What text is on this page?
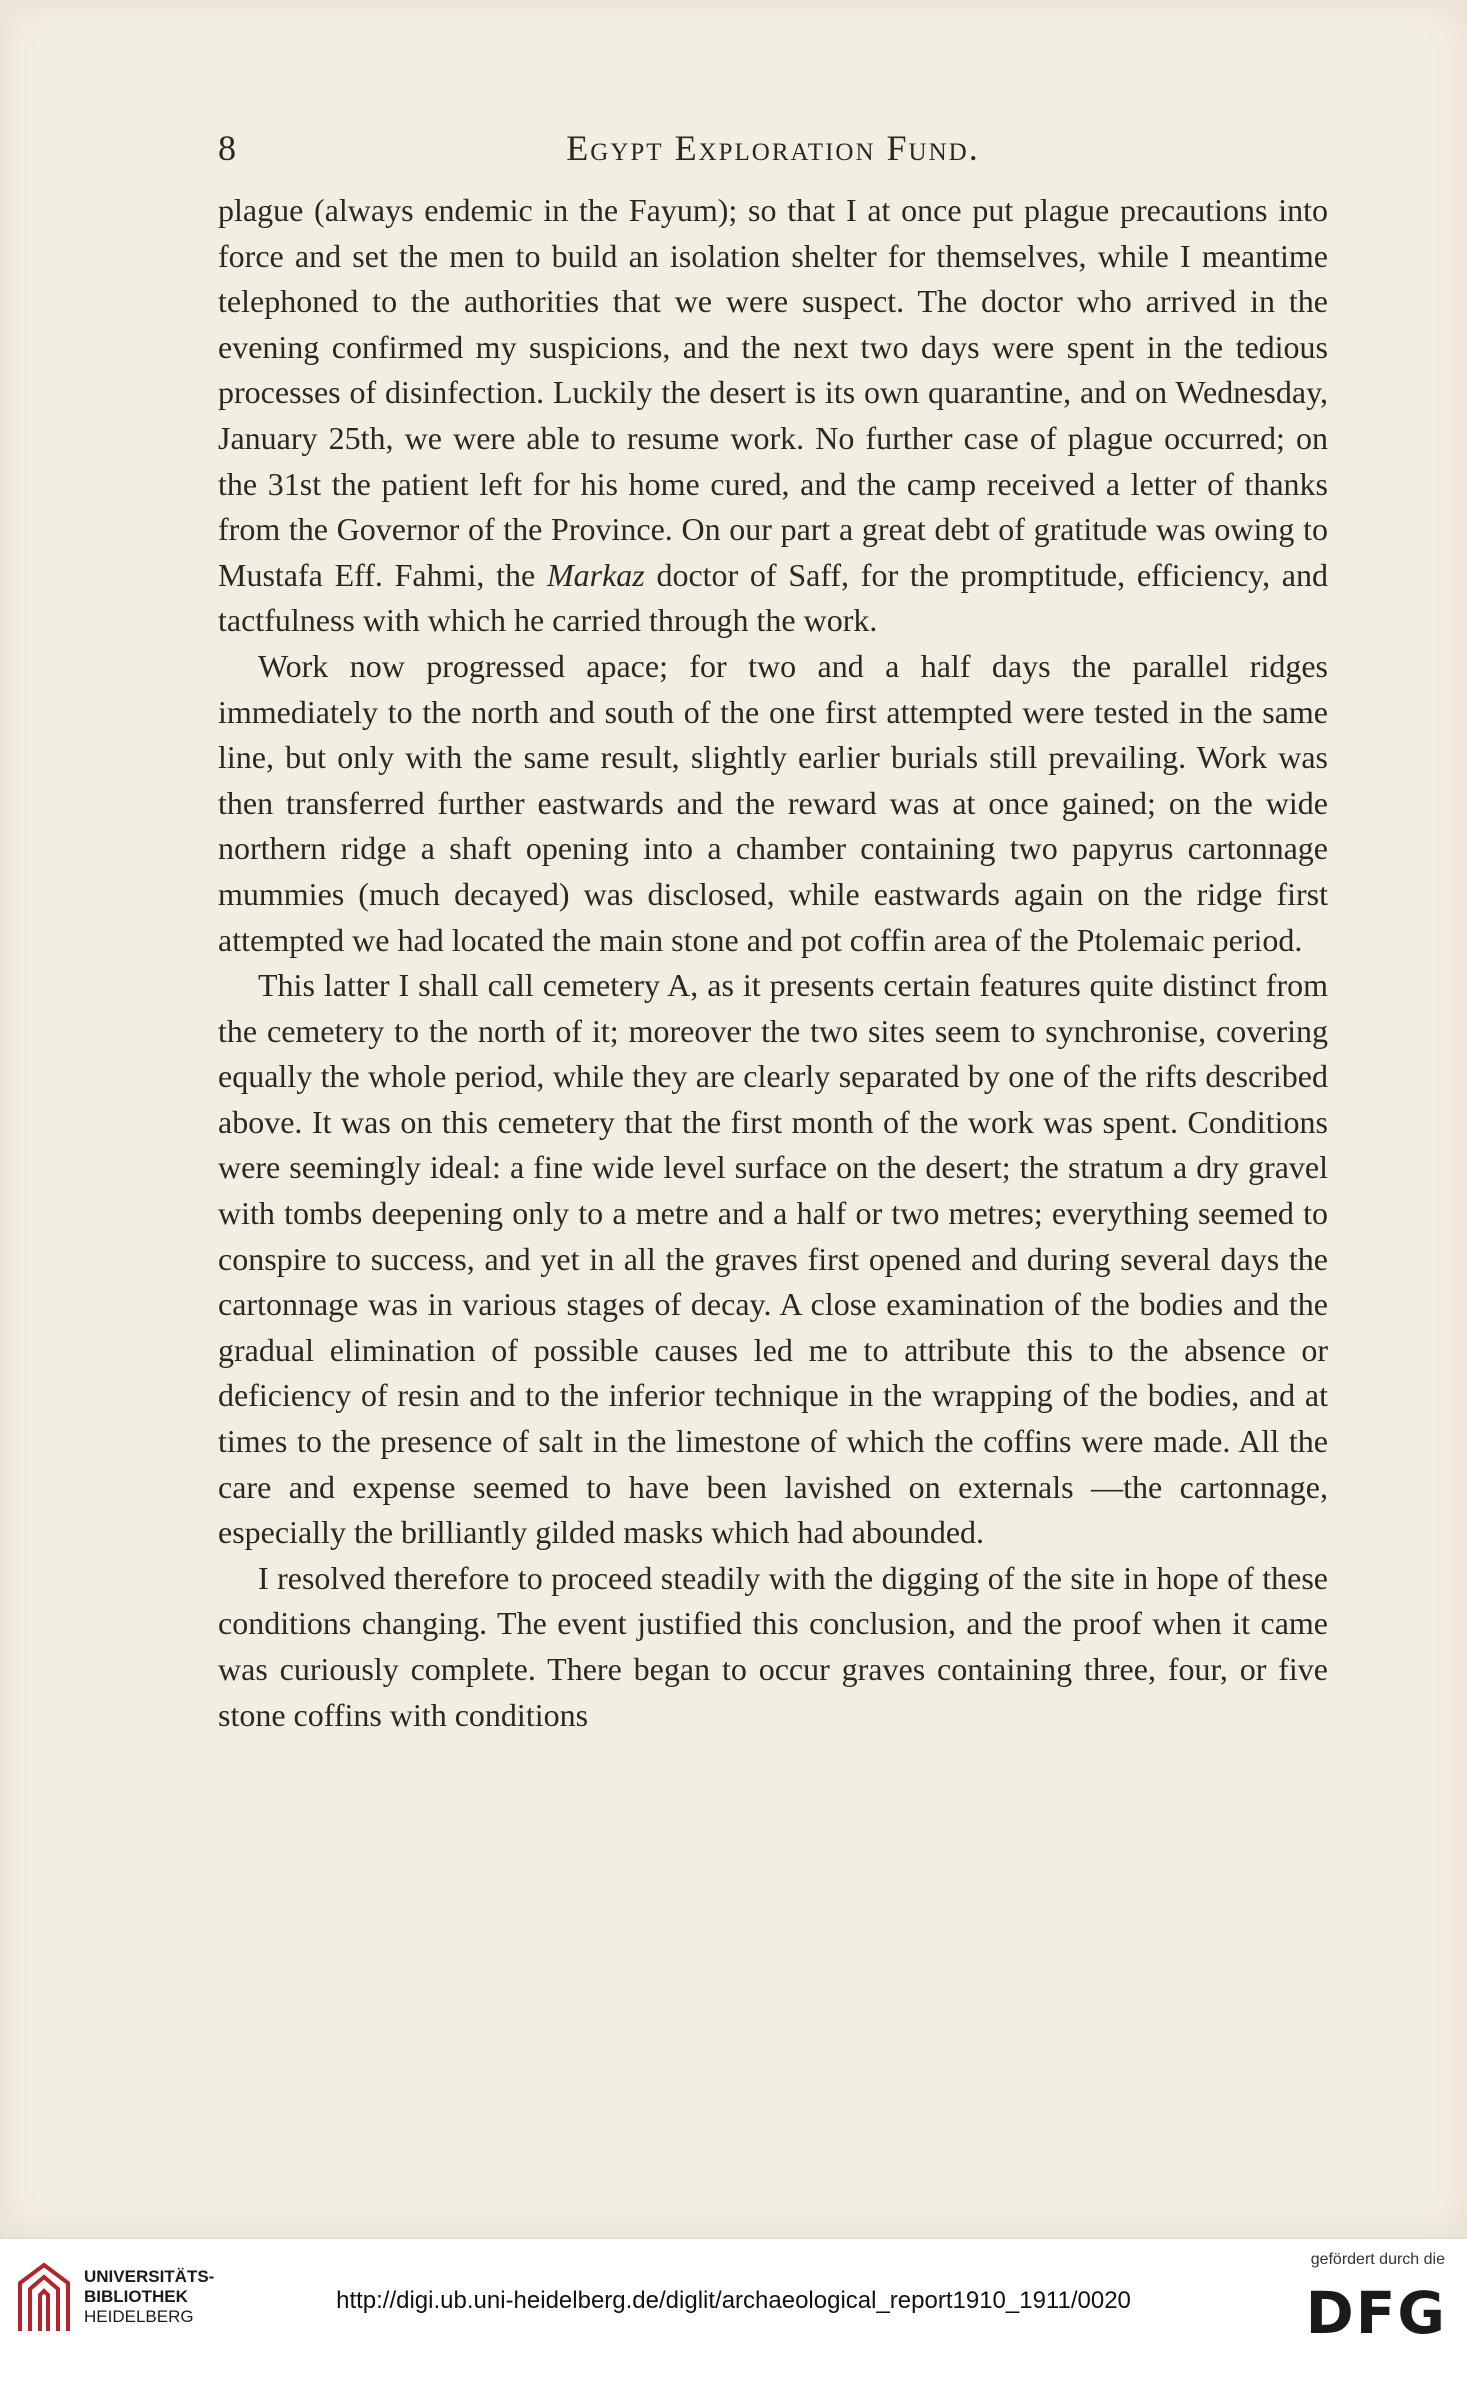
8	Egypt Exploration Fund.

plague (always endemic in the Fayum); so that I at once put plague precautions into force and set the men to build an isolation shelter for themselves, while I meantime telephoned to the authorities that we were suspect. The doctor who arrived in the evening confirmed my suspicions, and the next two days were spent in the tedious processes of disinfection. Luckily the desert is its own quarantine, and on Wednesday, January 25th, we were able to resume work. No further case of plague occurred; on the 31st the patient left for his home cured, and the camp received a letter of thanks from the Governor of the Province. On our part a great debt of gratitude was owing to Mustafa Eff. Fahmi, the Markaz doctor of Saff, for the promptitude, efficiency, and tactfulness with which he carried through the work.

Work now progressed apace; for two and a half days the parallel ridges immediately to the north and south of the one first attempted were tested in the same line, but only with the same result, slightly earlier burials still prevailing. Work was then transferred further eastwards and the reward was at once gained; on the wide northern ridge a shaft opening into a chamber containing two papyrus cartonnage mummies (much decayed) was disclosed, while eastwards again on the ridge first attempted we had located the main stone and pot coffin area of the Ptolemaic period.

This latter I shall call cemetery A, as it presents certain features quite distinct from the cemetery to the north of it; moreover the two sites seem to synchronise, covering equally the whole period, while they are clearly separated by one of the rifts described above. It was on this cemetery that the first month of the work was spent. Conditions were seemingly ideal: a fine wide level surface on the desert; the stratum a dry gravel with tombs deepening only to a metre and a half or two metres; everything seemed to conspire to success, and yet in all the graves first opened and during several days the cartonnage was in various stages of decay. A close examination of the bodies and the gradual elimination of possible causes led me to attribute this to the absence or deficiency of resin and to the inferior technique in the wrapping of the bodies, and at times to the presence of salt in the limestone of which the coffins were made. All the care and expense seemed to have been lavished on externals —the cartonnage, especially the brilliantly gilded masks which had abounded.

I resolved therefore to proceed steadily with the digging of the site in hope of these conditions changing. The event justified this conclusion, and the proof when it came was curiously complete. There began to occur graves containing three, four, or five stone coffins with conditions

UNIVERSITÄTS-
BIBLIOTHEK
HEIDELBERG
http://digi.ub.uni-heidelberg.de/diglit/archaeological_report1910_1911/0020
gefördert durch die
DFG
